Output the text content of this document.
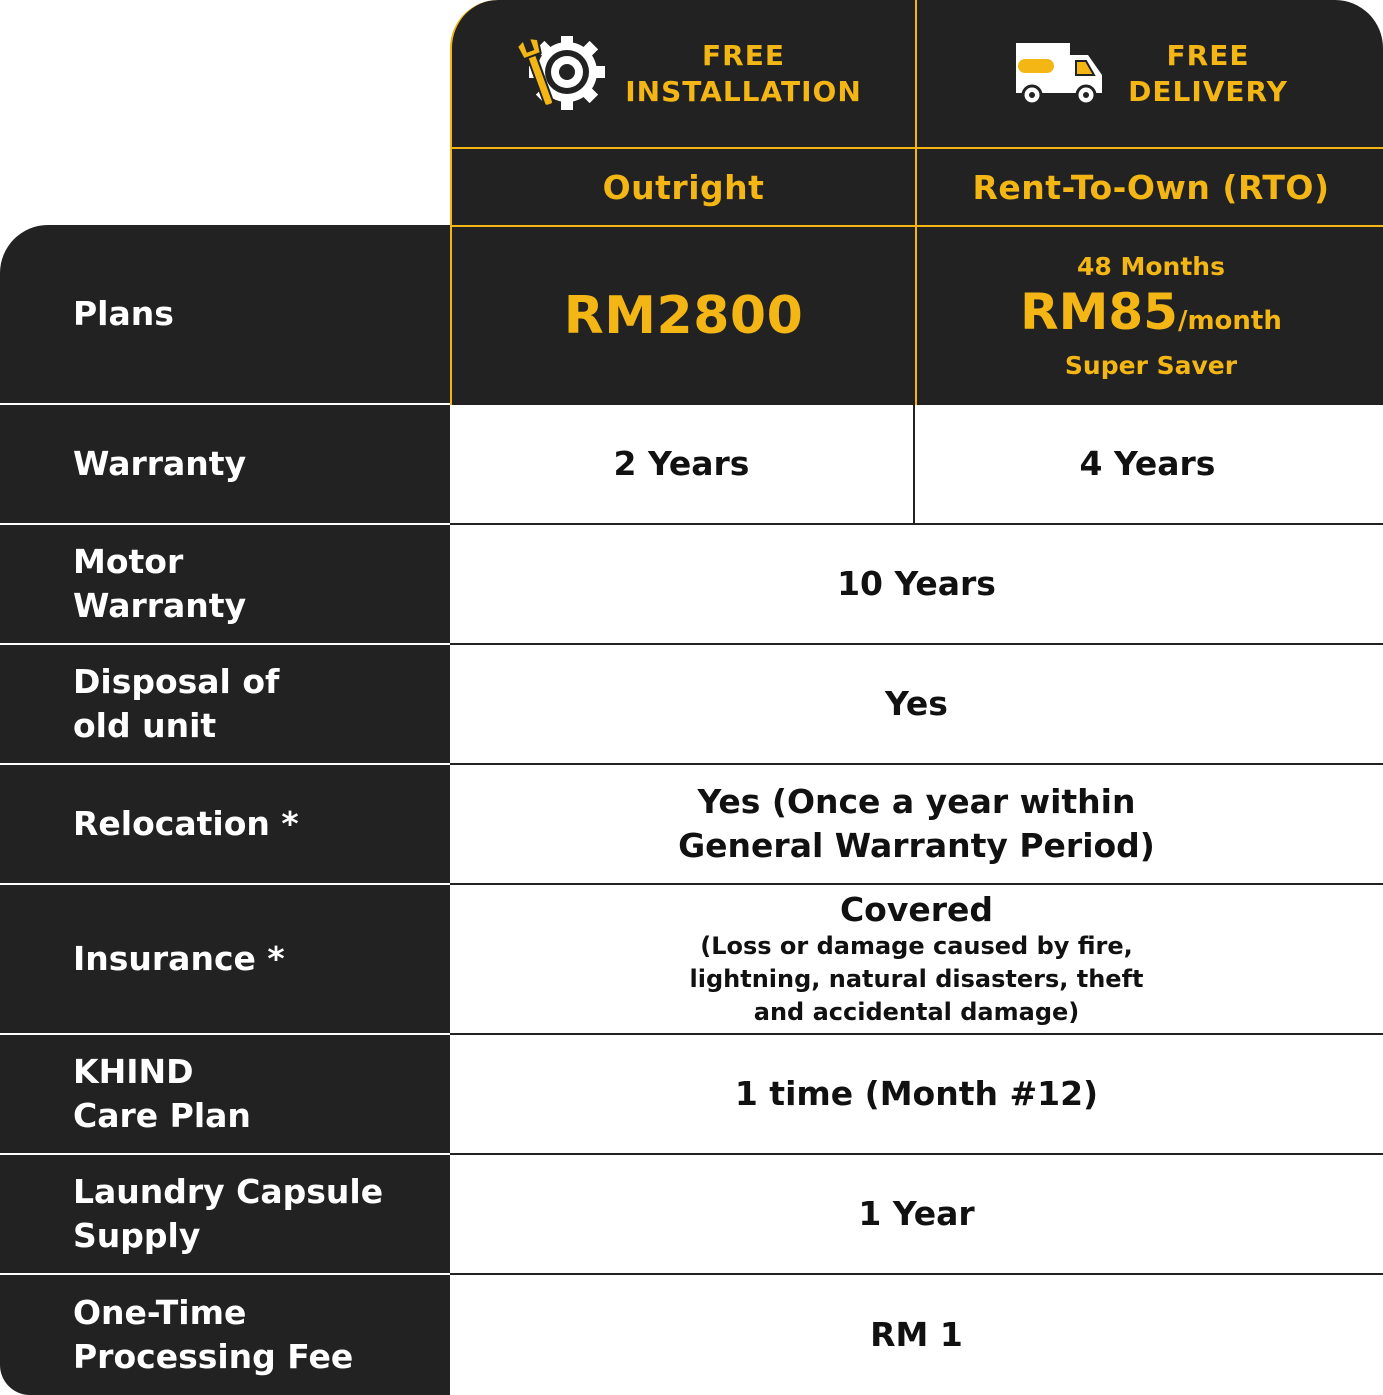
FREE
INSTALLATION
FREE
DELIVERY
Outright	Rent-To-Own (RTO)
Plans
Warranty
Motor
Warranty
Disposal of
old unit
Relocation *
Insurance *
KHIND
Care Plan
Laundry Capsule
Supply
One-Time
Processing Fee
RM2800
48 Months
RM85/month
Super Saver
2 Years	4 Years
10 Years
Yes
Yes (Once a year within
General Warranty Period)
Covered
(Loss or damage caused by fire,
lightning, natural disasters, theft
and accidental damage)
1 time (Month #12)
1 Year
RM 1
